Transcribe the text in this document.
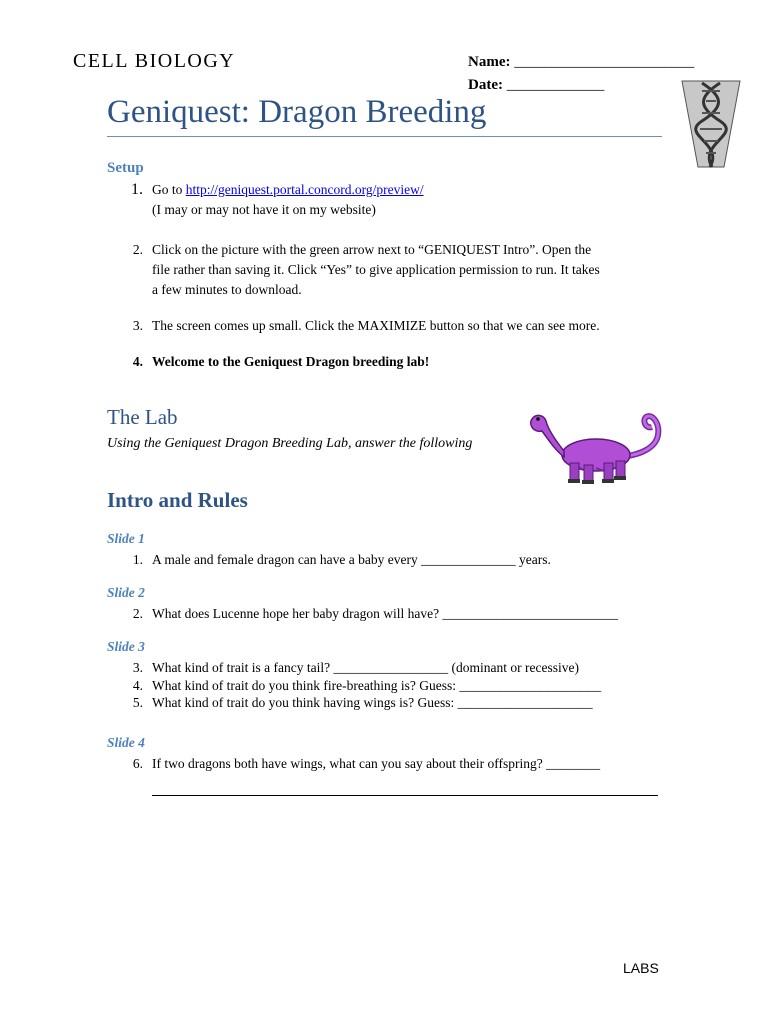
CELL BIOLOGY	Name: ________________________
Date: _____________
Geniquest: Dragon Breeding
Setup
1. Go to http://geniquest.portal.concord.org/preview/
(I may or may not have it on my website)
2. Click on the picture with the green arrow next to “GENIQUEST Intro”. Open the
file rather than saving it. Click “Yes” to give application permission to run. It takes
a few minutes to download.
3. The screen comes up small. Click the MAXIMIZE button so that we can see more.
4. Welcome to the Geniquest Dragon breeding lab!
The Lab
Using the Geniquest Dragon Breeding Lab, answer the following
Intro and Rules
Slide 1
1. A male and female dragon can have a baby every ______________ years.
Slide 2
2. What does Lucenne hope her baby dragon will have? __________________________
Slide 3
3. What kind of trait is a fancy tail? _________________ (dominant or recessive)
4. What kind of trait do you think fire-breathing is? Guess: _____________________
5. What kind of trait do you think having wings is? Guess: ____________________
Slide 4
6. If two dragons both have wings, what can you say about their offspring? ________
LABS
